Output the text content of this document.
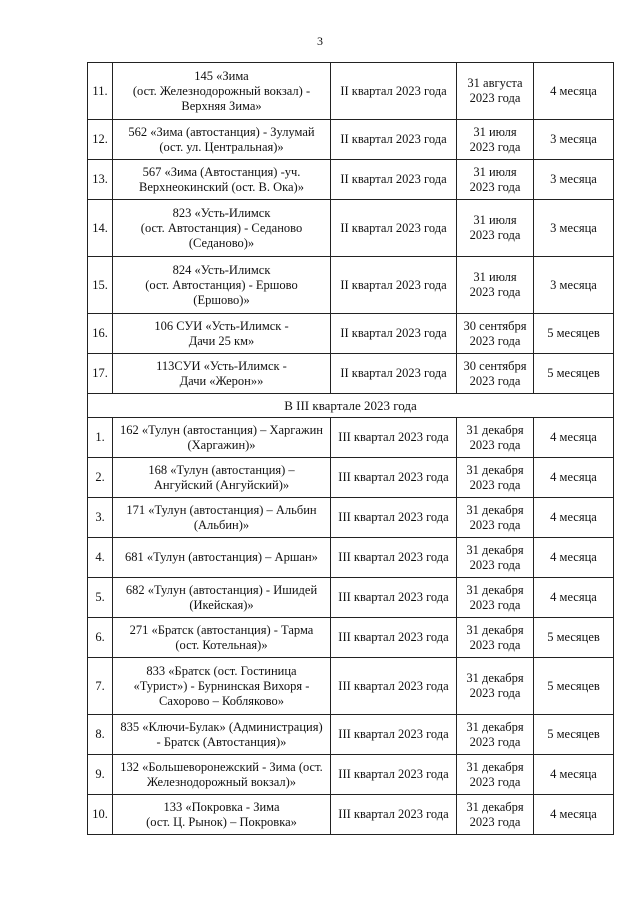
3
11.	145 «Зима
(ост. Железнодорожный вокзал) -
Верхняя Зима»	II квартал 2023 года	31 августа
2023 года	4 месяца
12.	562 «Зима (автостанция) - Зулумай
(ост. ул. Центральная)»	II квартал 2023 года	31 июля
2023 года	3 месяца
13.	567 «Зима (Автостанция) -уч.
Верхнеокинский (ост. В. Ока)»	II квартал 2023 года	31 июля
2023 года	3 месяца
14.	823 «Усть-Илимск
(ост. Автостанция) - Седаново
(Седаново)»	II квартал 2023 года	31 июля
2023 года	3 месяца
15.	824 «Усть-Илимск
(ост. Автостанция) - Ершово
(Ершово)»	II квартал 2023 года	31 июля
2023 года	3 месяца
16.	106 СУИ «Усть-Илимск -
Дачи 25 км»	II квартал 2023 года	30 сентября
2023 года	5 месяцев
17.	113СУИ «Усть-Илимск -
Дачи «Жерон»»	II квартал 2023 года	30 сентября
2023 года	5 месяцев
В III квартале 2023 года				
1.	162 «Тулун (автостанция) – Харгажин
(Харгажин)»	III квартал 2023 года	31 декабря
2023 года	4 месяца
2.	168 «Тулун (автостанция) –
Ангуйский (Ангуйский)»	III квартал 2023 года	31 декабря
2023 года	4 месяца
3.	171 «Тулун (автостанция) – Альбин
(Альбин)»	III квартал 2023 года	31 декабря
2023 года	4 месяца
4.	681 «Тулун (автостанция) – Аршан»	III квартал 2023 года	31 декабря
2023 года	4 месяца
5.	682 «Тулун (автостанция) - Ишидей
(Икейская)»	III квартал 2023 года	31 декабря
2023 года	4 месяца
6.	271 «Братск (автостанция) - Тарма
(ост. Котельная)»	III квартал 2023 года	31 декабря
2023 года	5 месяцев
7.	833 «Братск (ост. Гостиница
«Турист») - Бурнинская Вихоря -
Сахорово – Кобляково»	III квартал 2023 года	31 декабря
2023 года	5 месяцев
8.	835 «Ключи-Булак» (Администрация)
- Братск (Автостанция)»	III квартал 2023 года	31 декабря
2023 года	5 месяцев
9.	132 «Большеворонежский - Зима (ост.
Железнодорожный вокзал)»	III квартал 2023 года	31 декабря
2023 года	4 месяца
10.	133 «Покровка - Зима
(ост. Ц. Рынок) – Покровка»	III квартал 2023 года	31 декабря
2023 года	4 месяца
